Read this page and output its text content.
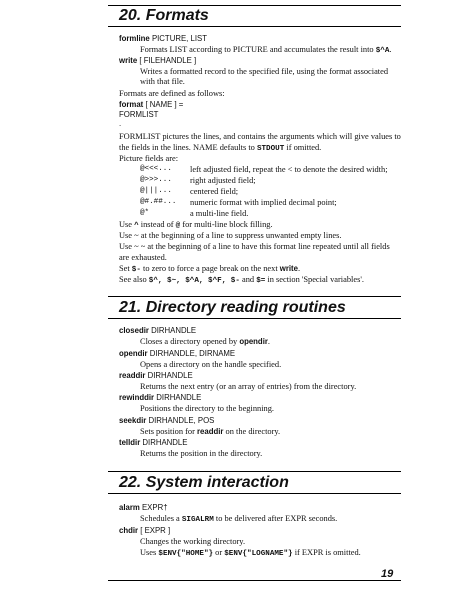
20. Formats
formline PICTURE, LIST
Formats LIST according to PICTURE and accumulates the result into $^A.
write [ FILEHANDLE ]
Writes a formatted record to the specified file, using the format associated
with that file.
Formats are defined as follows:
format [ NAME ] =
FORMLIST
.
FORMLIST pictures the lines, and contains the arguments which will give values to
the fields in the lines. NAME defaults to STDOUT if omitted.
Picture fields are:
@<<<... left adjusted field, repeat the < to denote the desired width;
@>>>... right adjusted field;
@|||... centered field;
@#.##... numeric format with implied decimal point;
@*	a multi-line field.
Use ^ instead of @ for multi-line block filling.
Use ~ at the beginning of a line to suppress unwanted empty lines.
Use ~ ~ at the beginning of a line to have this format line repeated until all fields
are exhausted.
Set $- to zero to force a page break on the next write.
See also $^, $~, $^A, $^F, $- and $= in section 'Special variables'.
21. Directory reading routines
closedir DIRHANDLE
Closes a directory opened by opendir.
opendir DIRHANDLE, DIRNAME
Opens a directory on the handle specified.
readdir DIRHANDLE
Returns the next entry (or an array of entries) from the directory.
rewinddir DIRHANDLE
Positions the directory to the beginning.
seekdir DIRHANDLE, POS
Sets position for readdir on the directory.
telldir DIRHANDLE
Returns the position in the directory.
22. System interaction
alarm EXPR†
Schedules a SIGALRM to be delivered after EXPR seconds.
chdir [ EXPR ]
Changes the working directory.
Uses $ENV{"HOME"} or $ENV{"LOGNAME"} if EXPR is omitted.
19
